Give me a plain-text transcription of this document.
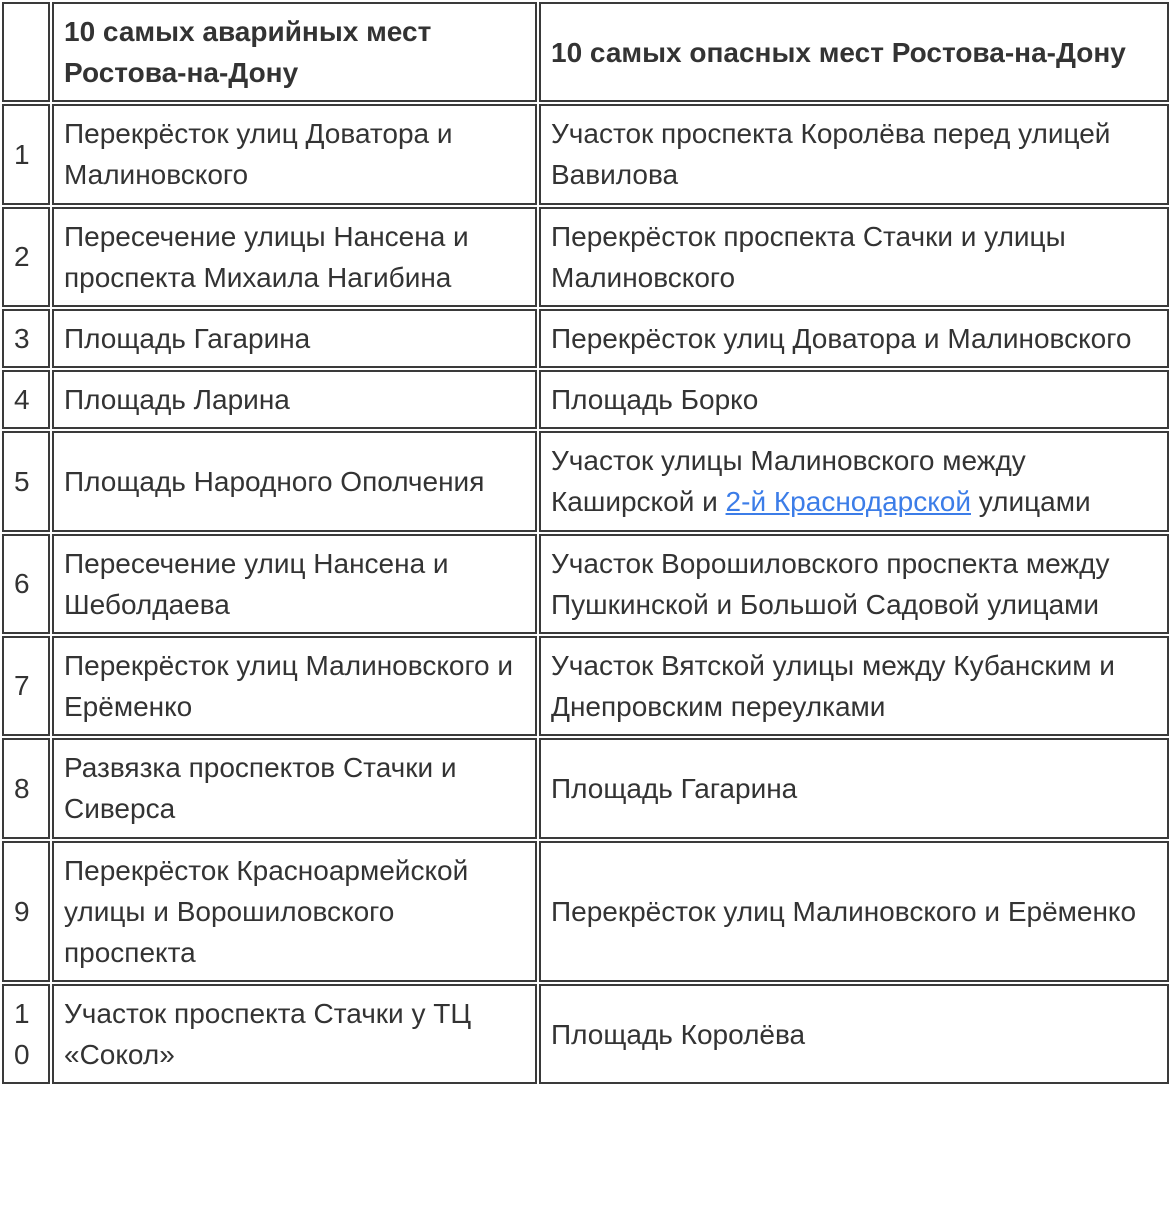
	10 самых аварийных мест Ростова-на-Дону	10 самых опасных мест Ростова-на-Дону
1	Перекрёсток улиц Доватора и Малиновского	Участок проспекта Королёва перед улицей Вавилова
2	Пересечение улицы Нансена и проспекта Михаила Нагибина	Перекрёсток проспекта Стачки и улицы Малиновского
3	Площадь Гагарина	Перекрёсток улиц Доватора и Малиновского
4	Площадь Ларина	Площадь Борко
5	Площадь Народного Ополчения	Участок улицы Малиновского между Каширской и 2-й Краснодарской улицами
6	Пересечение улиц Нансена и Шеболдаева	Участок Ворошиловского проспекта между Пушкинской и Большой Садовой улицами
7	Перекрёсток улиц Малиновского и Ерёменко	Участок Вятской улицы между Кубанским и Днепровским переулками
8	Развязка проспектов Стачки и Сиверса	Площадь Гагарина
9	Перекрёсток Красноармейской улицы и Ворошиловского проспекта	Перекрёсток улиц Малиновского и Ерёменко
10	Участок проспекта Стачки у ТЦ «Сокол»	Площадь Королёва
